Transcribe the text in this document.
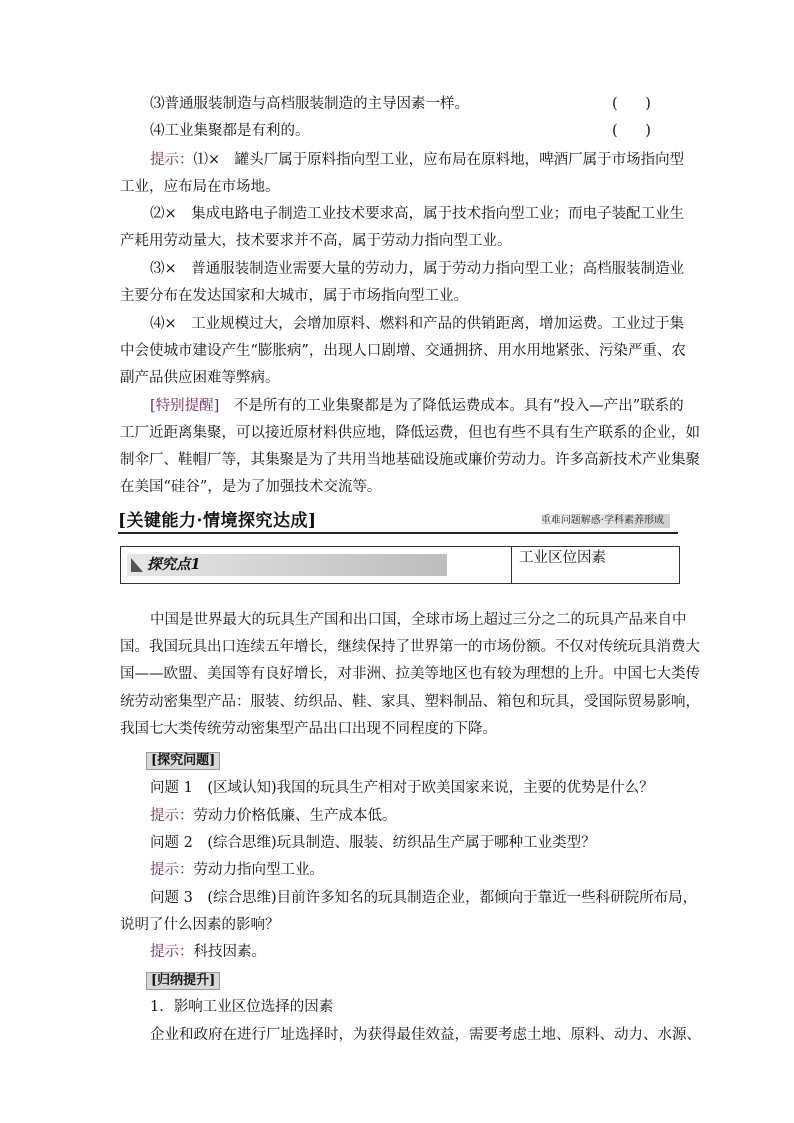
⑶普通服装制造与高档服装制造的主导因素一样。	(      )
⑷工业集聚都是有利的。	(      )
提示：⑴×　罐头厂属于原料指向型工业，应布局在原料地，啤酒厂属于市场指向型
工业，应布局在市场地。
⑵×　集成电路电子制造工业技术要求高，属于技术指向型工业；而电子装配工业生
产耗用劳动量大，技术要求并不高，属于劳动力指向型工业。
⑶×　普通服装制造业需要大量的劳动力，属于劳动力指向型工业；高档服装制造业
主要分布在发达国家和大城市，属于市场指向型工业。
⑷×　工业规模过大，会增加原料、燃料和产品的供销距离，增加运费。工业过于集
中会使城市建设产生“膨胀病”，出现人口剧增、交通拥挤、用水用地紧张、污染严重、农
副产品供应困难等弊病。
[特别提醒]　不是所有的工业集聚都是为了降低运费成本。具有“投入—产出”联系的
工厂近距离集聚，可以接近原材料供应地，降低运费，但也有些不具有生产联系的企业，如
制伞厂、鞋帽厂等，其集聚是为了共用当地基础设施或廉价劳动力。许多高新技术产业集聚
在美国“硅谷”，是为了加强技术交流等。
[关键能力·情境探究达成]	重难问题解惑·学科素养形成
探究点1	工业区位因素
中国是世界最大的玩具生产国和出口国，全球市场上超过三分之二的玩具产品来自中
国。我国玩具出口连续五年增长，继续保持了世界第一的市场份额。不仅对传统玩具消费大
国——欧盟、美国等有良好增长，对非洲、拉美等地区也有较为理想的上升。中国七大类传
统劳动密集型产品：服装、纺织品、鞋、家具、塑料制品、箱包和玩具，受国际贸易影响，
我国七大类传统劳动密集型产品出口出现不同程度的下降。
[探究问题]
问题 1　(区域认知)我国的玩具生产相对于欧美国家来说，主要的优势是什么？
提示：劳动力价格低廉、生产成本低。
问题 2　(综合思维)玩具制造、服装、纺织品生产属于哪种工业类型？
提示：劳动力指向型工业。
问题 3　(综合思维)目前许多知名的玩具制造企业，都倾向于靠近一些科研院所布局，
说明了什么因素的影响？
提示：科技因素。
[归纳提升]
1．影响工业区位选择的因素
企业和政府在进行厂址选择时，为获得最佳效益，需要考虑土地、原料、动力、水源、
